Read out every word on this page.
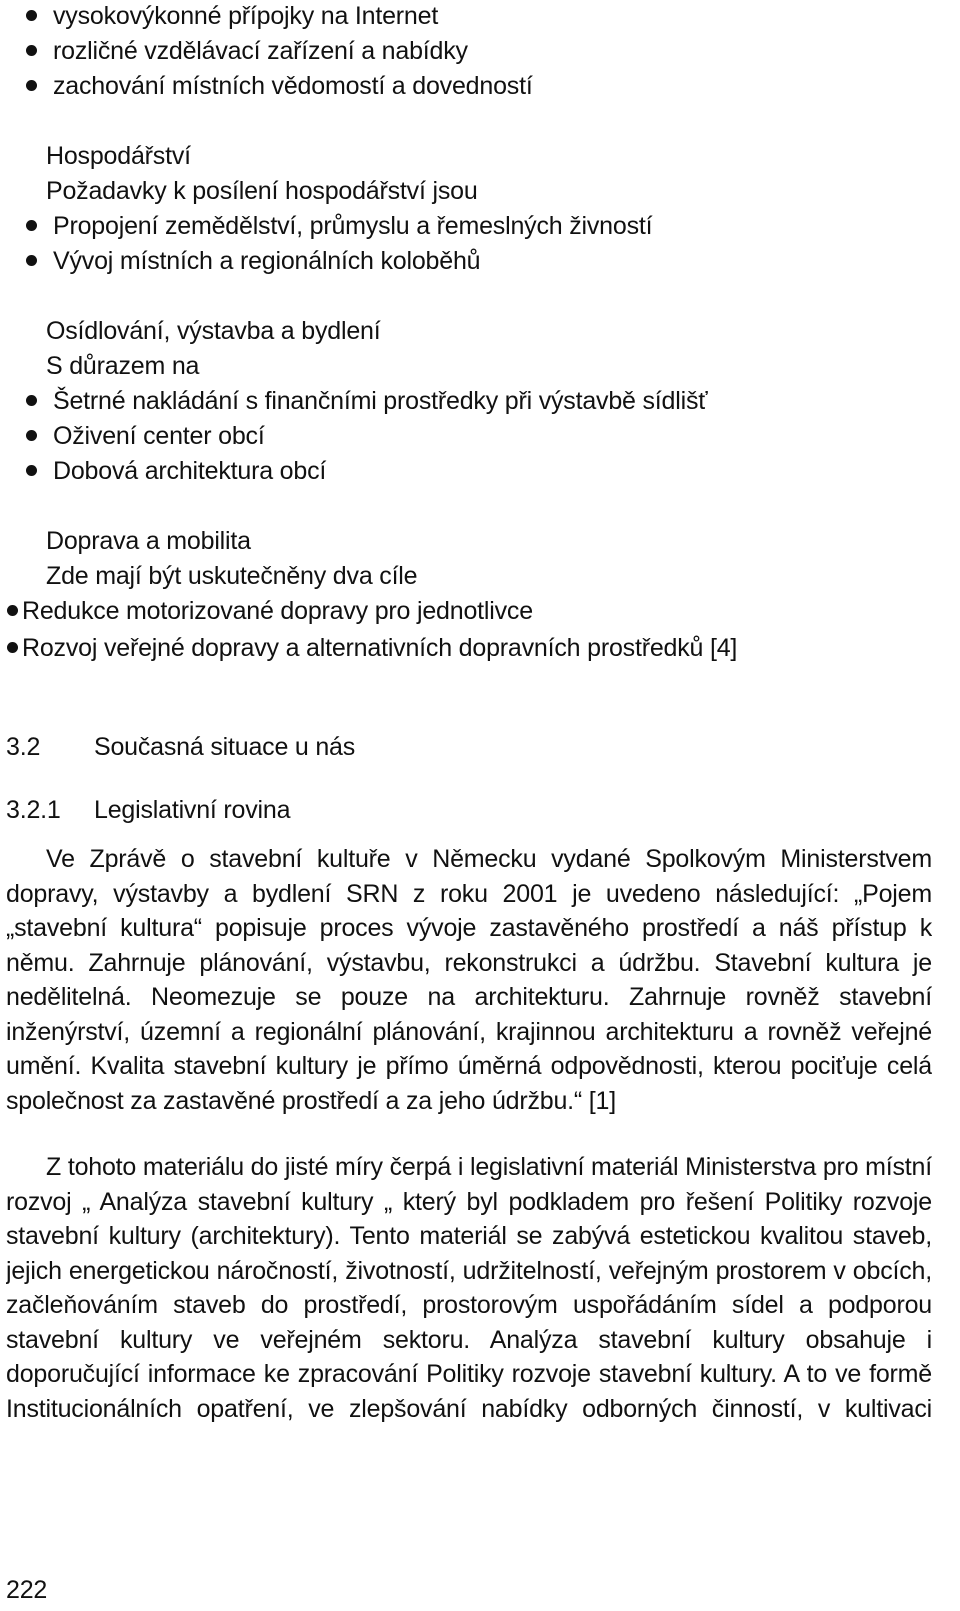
vysokovýkonné přípojky na Internet
rozličné vzdělávací zařízení a nabídky
zachování místních vědomostí a dovedností
Hospodářství
Požadavky k posílení hospodářství jsou
Propojení zemědělství, průmyslu a řemeslných živností
Vývoj místních a regionálních koloběhů
Osídlování, výstavba a bydlení
S důrazem na
Šetrné nakládání s finančními prostředky při výstavbě sídlišť
Oživení center obcí
Dobová architektura obcí
Doprava a mobilita
Zde mají být uskutečněny dva cíle
Redukce motorizované dopravy pro jednotlivce
Rozvoj veřejné dopravy a alternativních dopravních prostředků [4]
3.2 Současná situace u nás
3.2.1 Legislativní rovina
Ve Zprávě o stavební kultuře v Německu vydané Spolkovým Ministerstvem
dopravy, výstavby a bydlení SRN z roku 2001 je uvedeno následující: „Pojem
„stavební kultura“ popisuje proces vývoje zastavěného prostředí a náš přístup k
němu. Zahrnuje plánování, výstavbu, rekonstrukci a údržbu. Stavební kultura je
nedělitelná. Neomezuje se pouze na architekturu. Zahrnuje rovněž stavební
inženýrství, územní a regionální plánování, krajinnou architekturu a rovněž veřejné
umění. Kvalita stavební kultury je přímo úměrná odpovědnosti, kterou pociťuje celá
společnost za zastavěné prostředí a za jeho údržbu.“ [1]
Z tohoto materiálu do jisté míry čerpá i legislativní materiál Ministerstva pro místní
rozvoj „ Analýza stavební kultury „ který byl podkladem pro řešení Politiky rozvoje
stavební kultury (architektury). Tento materiál se zabývá estetickou kvalitou staveb,
jejich energetickou náročností, životností, udržitelností, veřejným prostorem v obcích,
začleňováním staveb do prostředí, prostorovým uspořádáním sídel a podporou
stavební kultury ve veřejném sektoru. Analýza stavební kultury obsahuje i
doporučující informace ke zpracování Politiky rozvoje stavební kultury. A to ve formě
Institucionálních opatření, ve zlepšování nabídky odborných činností, v kultivaci
222
